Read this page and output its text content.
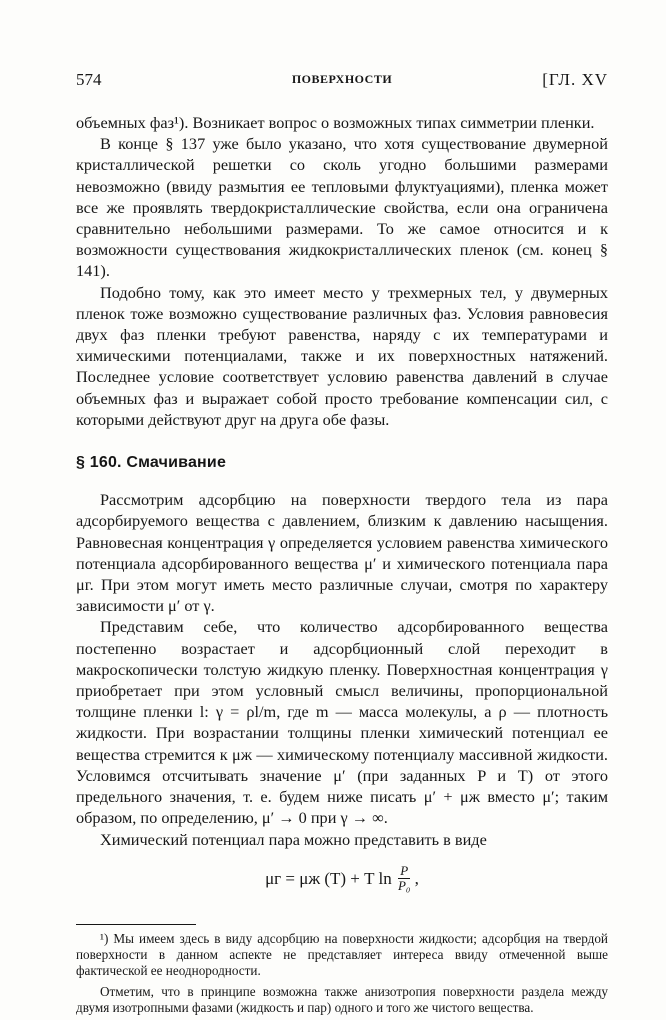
574	ПОВЕРХНОСТИ	[ГЛ. XV

объемных фаз¹). Возникает вопрос о возможных типах симметрии пленки.

В конце § 137 уже было указано, что хотя существование двумерной кристаллической решетки со сколь угодно большими размерами невозможно (ввиду размытия ее тепловыми флуктуациями), пленка может все же проявлять твердокристаллические свойства, если она ограничена сравнительно небольшими размерами. То же самое относится и к возможности существования жидкокристаллических пленок (см. конец § 141).

Подобно тому, как это имеет место у трехмерных тел, у двумерных пленок тоже возможно существование различных фаз. Условия равновесия двух фаз пленки требуют равенства, наряду с их температурами и химическими потенциалами, также и их поверхностных натяжений. Последнее условие соответствует условию равенства давлений в случае объемных фаз и выражает собой просто требование компенсации сил, с которыми действуют друг на друга обе фазы.

§ 160. Смачивание

Рассмотрим адсорбцию на поверхности твердого тела из пара адсорбируемого вещества с давлением, близким к давлению насыщения. Равновесная концентрация γ определяется условием равенства химического потенциала адсорбированного вещества μ′ и химического потенциала пара μг. При этом могут иметь место различные случаи, смотря по характеру зависимости μ′ от γ.

Представим себе, что количество адсорбированного вещества постепенно возрастает и адсорбционный слой переходит в макроскопически толстую жидкую пленку. Поверхностная концентрация γ приобретает при этом условный смысл величины, пропорциональной толщине пленки l: γ = ρl/m, где m — масса молекулы, а ρ — плотность жидкости. При возрастании толщины пленки химический потенциал ее вещества стремится к μж — химическому потенциалу массивной жидкости. Условимся отсчитывать значение μ′ (при заданных P и T) от этого предельного значения, т. е. будем ниже писать μ′ + μж вместо μ′; таким образом, по определению, μ′ → 0 при γ → ∞.

Химический потенциал пара можно представить в виде

μг = μж (T) + T $\ln \frac{P}{\text{P₀}}$ ,

¹) Мы имеем здесь в виду адсорбцию на поверхности жидкости; адсорбция на твердой поверхности в данном аспекте не представляет интереса ввиду отмеченной выше фактической ее неоднородности.

Отметим, что в принципе возможна также анизотропия поверхности раздела между двумя изотропными фазами (жидкость и пар) одного и того же чистого вещества.
